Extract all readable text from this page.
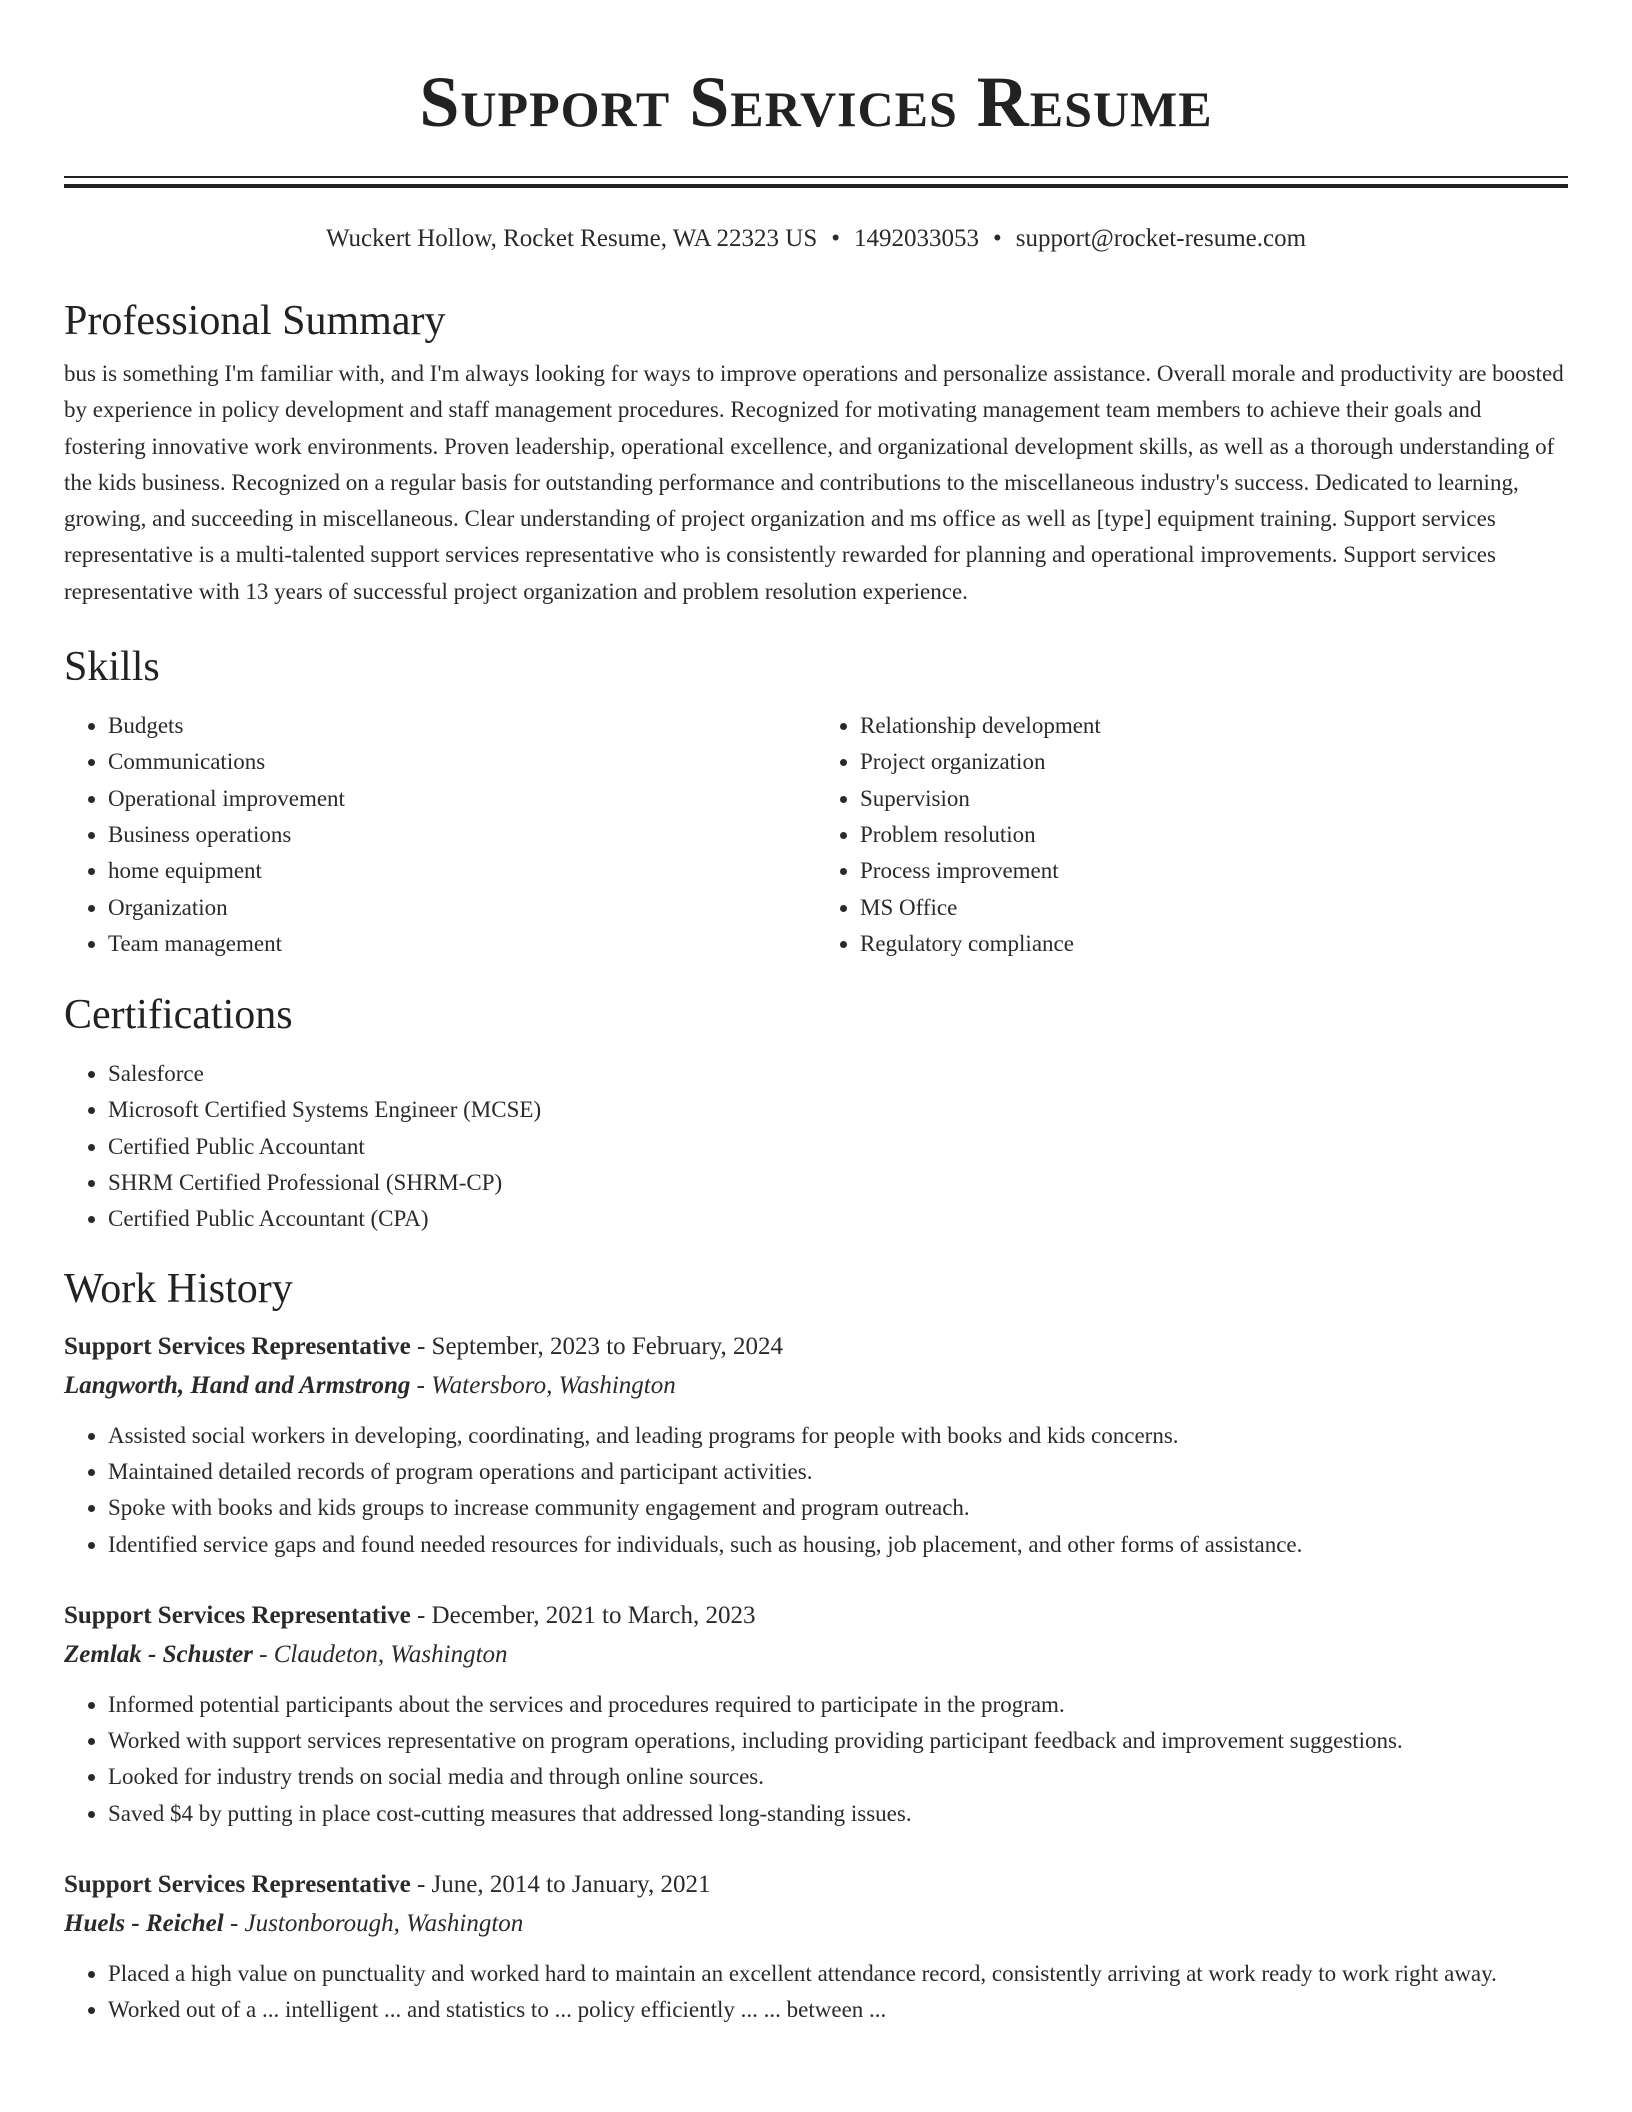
Support Services Resume
Wuckert Hollow, Rocket Resume, WA 22323 US • 1492033053 • support@rocket-resume.com
Professional Summary
bus is something I'm familiar with, and I'm always looking for ways to improve operations and personalize assistance. Overall morale and productivity are boosted by experience in policy development and staff management procedures. Recognized for motivating management team members to achieve their goals and fostering innovative work environments. Proven leadership, operational excellence, and organizational development skills, as well as a thorough understanding of the kids business. Recognized on a regular basis for outstanding performance and contributions to the miscellaneous industry's success. Dedicated to learning, growing, and succeeding in miscellaneous. Clear understanding of project organization and ms office as well as [type] equipment training. Support services representative is a multi-talented support services representative who is consistently rewarded for planning and operational improvements. Support services representative with 13 years of successful project organization and problem resolution experience.
Skills
• Budgets
• Communications
• Operational improvement
• Business operations
• home equipment
• Organization
• Team management
• Relationship development
• Project organization
• Supervision
• Problem resolution
• Process improvement
• MS Office
• Regulatory compliance
Certifications
• Salesforce
• Microsoft Certified Systems Engineer (MCSE)
• Certified Public Accountant
• SHRM Certified Professional (SHRM-CP)
• Certified Public Accountant (CPA)
Work History
Support Services Representative - September, 2023 to February, 2024
Langworth, Hand and Armstrong - Watersboro, Washington
• Assisted social workers in developing, coordinating, and leading programs for people with books and kids concerns.
• Maintained detailed records of program operations and participant activities.
• Spoke with books and kids groups to increase community engagement and program outreach.
• Identified service gaps and found needed resources for individuals, such as housing, job placement, and other forms of assistance.
Support Services Representative - December, 2021 to March, 2023
Zemlak - Schuster - Claudeton, Washington
• Informed potential participants about the services and procedures required to participate in the program.
• Worked with support services representative on program operations, including providing participant feedback and improvement suggestions.
• Looked for industry trends on social media and through online sources.
• Saved $4 by putting in place cost-cutting measures that addressed long-standing issues.
Support Services Representative - June, 2014 to January, 2021
Huels - Reichel - Justonborough, Washington
• Placed a high value on punctuality and worked hard to maintain an excellent attendance record, consistently arriving at work ready to work right away.
• Worked out of a ... intelligent ... and statistics to ... policy efficiently ... ... between ...
